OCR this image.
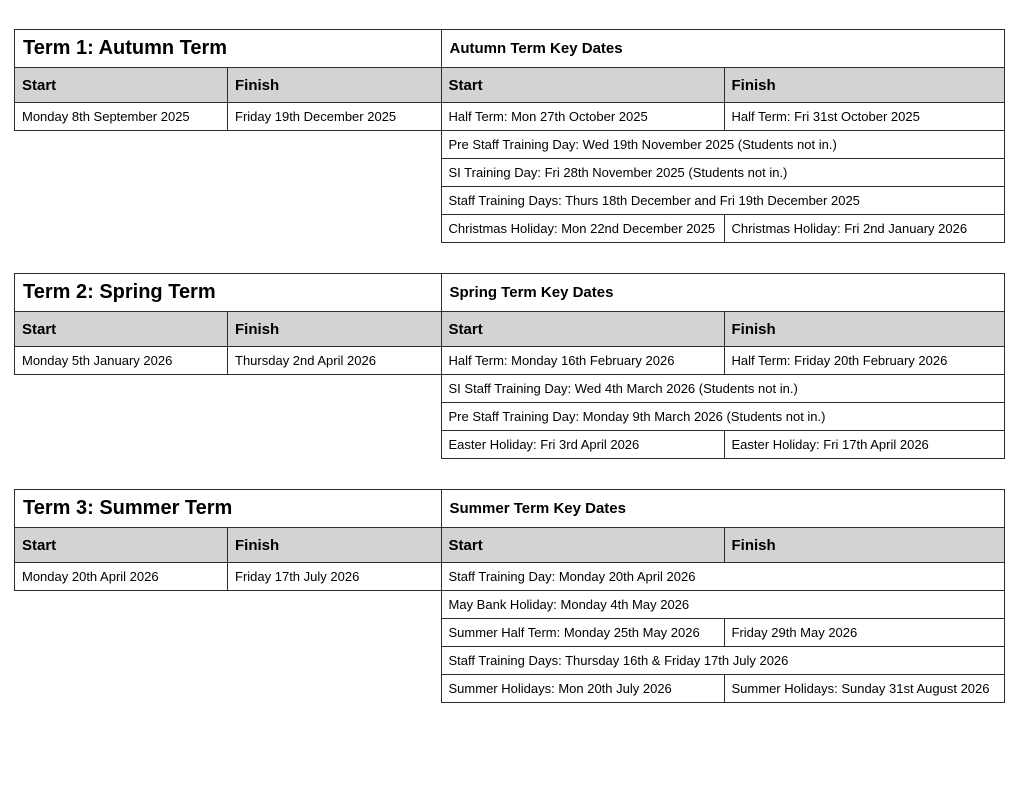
Term 1: Autumn Term	
Start	Finish
Monday 8th September 2025	Friday 19th December 2025
Autumn Term Key Dates	
Start	Finish
Half Term: Mon 27th October 2025	Half Term: Fri 31st October 2025
Pre Staff Training Day: Wed 19th November 2025 (Students not in.)	
SI Training Day: Fri 28th November 2025 (Students not in.)	
Staff Training Days: Thurs 18th December and Fri 19th December 2025	
Christmas Holiday: Mon 22nd December 2025	Christmas Holiday: Fri 2nd January 2026
Term 2: Spring Term	
Start	Finish
Monday 5th January 2026	Thursday 2nd April 2026
Spring Term Key Dates	
Start	Finish
Half Term: Monday 16th February 2026	Half Term: Friday 20th February 2026
SI Staff Training Day: Wed 4th March 2026 (Students not in.)	
Pre Staff Training Day: Monday 9th March 2026 (Students not in.)	
Easter Holiday: Fri 3rd April 2026	Easter Holiday: Fri 17th April 2026
Term 3: Summer Term	
Start	Finish
Monday 20th April 2026	Friday 17th July 2026
Summer Term Key Dates	
Start	Finish
Staff Training Day: Monday 20th April 2026	
May Bank Holiday: Monday 4th May 2026	
Summer Half Term: Monday 25th May 2026	Friday 29th May 2026
Staff Training Days: Thursday 16th & Friday 17th July 2026	
Summer Holidays: Mon 20th July 2026	Summer Holidays: Sunday 31st August 2026
